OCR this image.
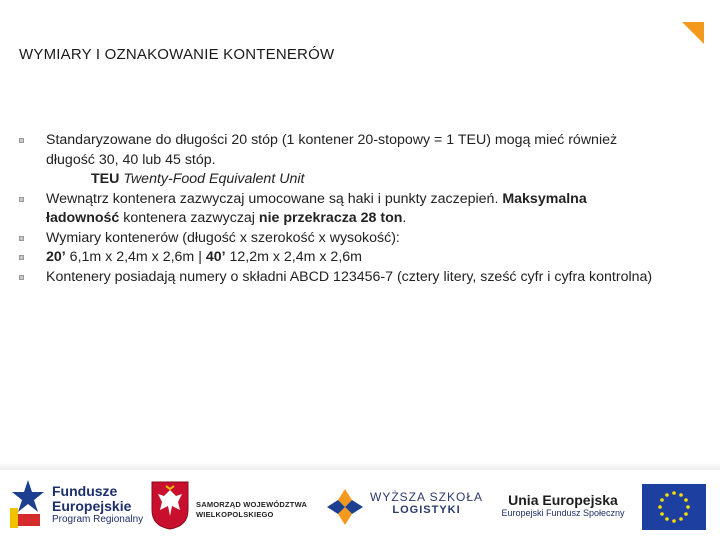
WYMIARY I OZNAKOWANIE KONTENERÓW
Standaryzowane do długości 20 stóp (1 kontener 20-stopowy = 1 TEU) mogą mieć również długość 30, 40 lub 45 stóp.
TEU Twenty-Food Equivalent Unit
Wewnątrz kontenera zazwyczaj umocowane są haki i punkty zaczepień. Maksymalna ładowność kontenera zazwyczaj nie przekracza 28 ton.
Wymiary kontenerów (długość x szerokość x wysokość):
20’ 6,1m x 2,4m x 2,6m | 40’ 12,2m x 2,4m x 2,6m
Kontenery posiadają numery o składni ABCD 123456-7 (cztery litery, sześć cyfr i cyfra kontrolna)
Fundusze
Europejskie
Program Regionalny
SAMORZĄD WOJEWÓDZTWA
WIELKOPOLSKIEGO
WYŻSZA SZKOŁA
LOGISTYKI
Unia Europejska
Europejski Fundusz Społeczny
